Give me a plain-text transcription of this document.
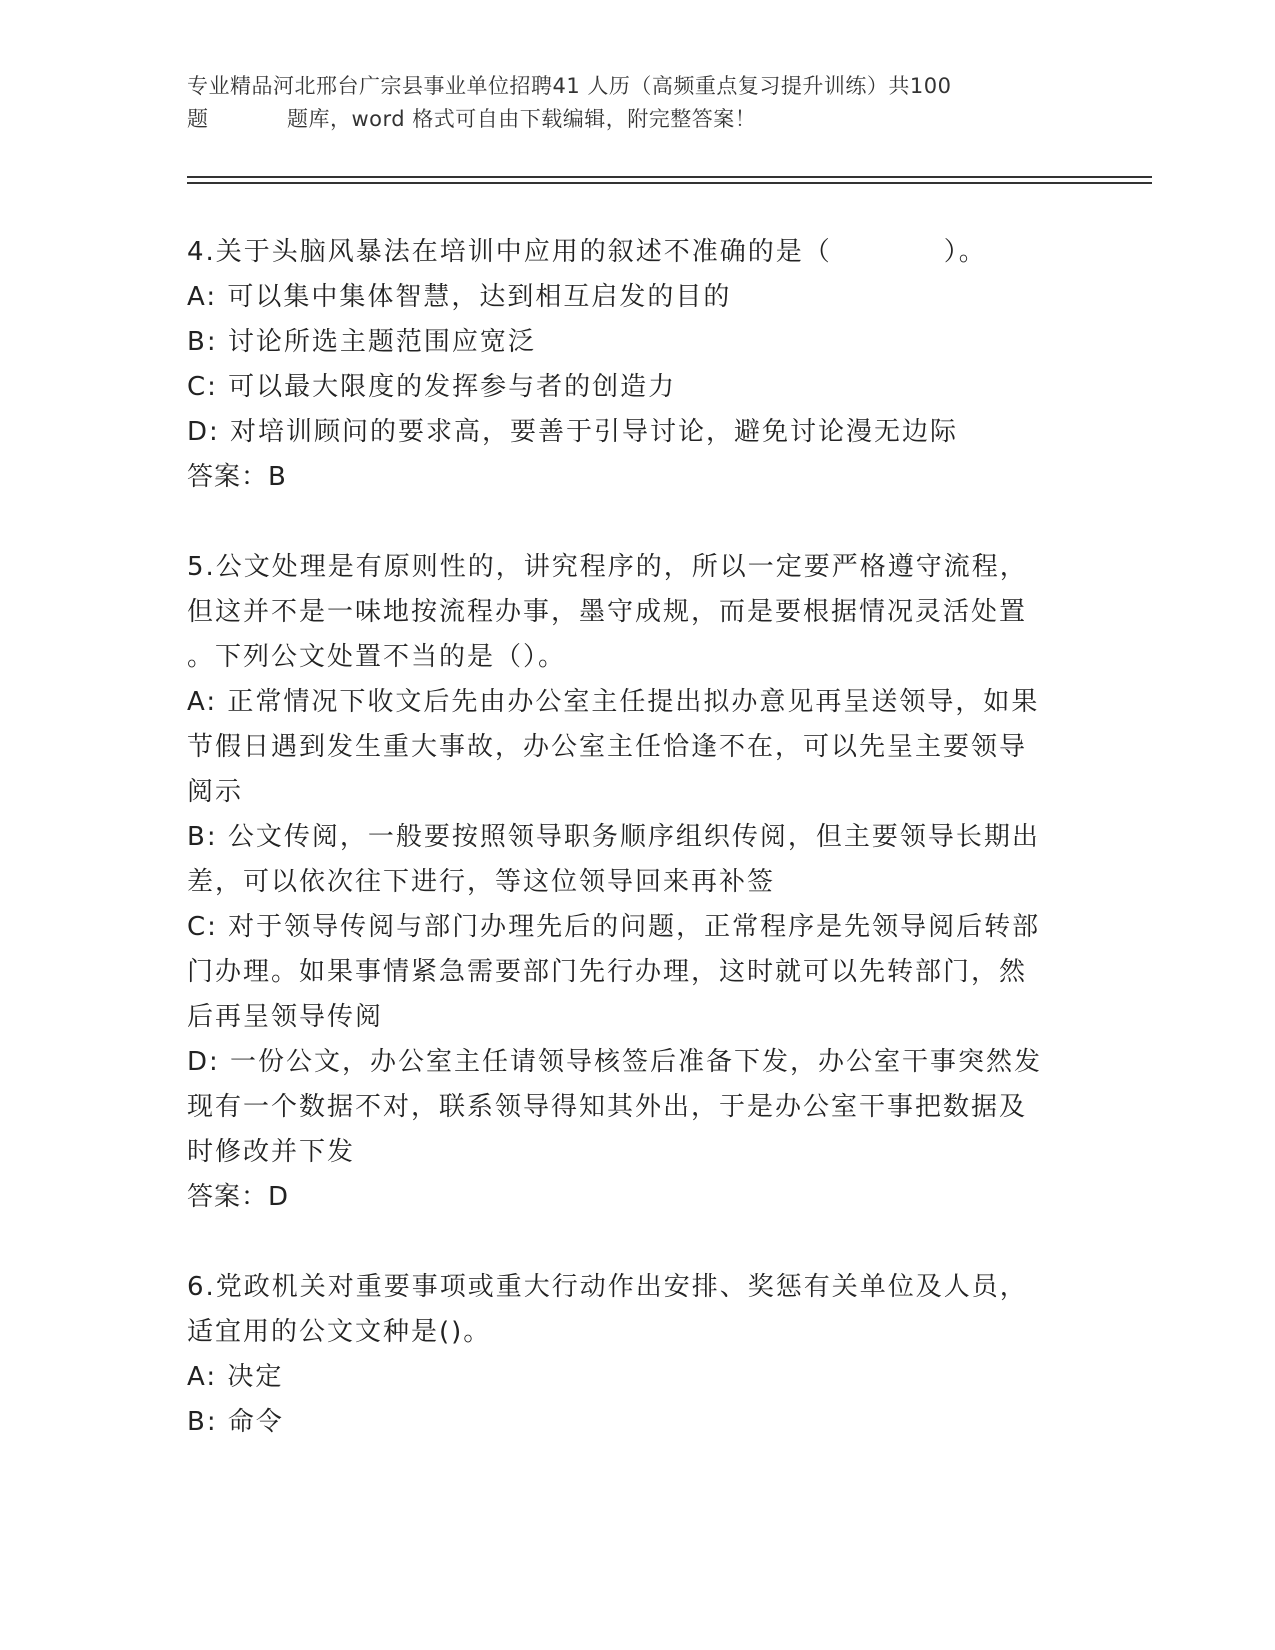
专业精品河北邢台广宗县事业单位招聘41 人历（高频重点复习提升训练）共100
题	题库，word 格式可自由下载编辑，附完整答案！

4.关于头脑风暴法在培训中应用的叙述不准确的是（　　　　）。

A: 可以集中集体智慧，达到相互启发的目的

B: 讨论所选主题范围应宽泛

C: 可以最大限度的发挥参与者的创造力

D: 对培训顾问的要求高，要善于引导讨论，避免讨论漫无边际

答案：B

5.公文处理是有原则性的，讲究程序的，所以一定要严格遵守流程，

但这并不是一味地按流程办事，墨守成规，而是要根据情况灵活处置

。下列公文处置不当的是（）。

A: 正常情况下收文后先由办公室主任提出拟办意见再呈送领导，如果

节假日遇到发生重大事故，办公室主任恰逢不在，可以先呈主要领导

阅示

B: 公文传阅，一般要按照领导职务顺序组织传阅，但主要领导长期出

差，可以依次往下进行，等这位领导回来再补签

C: 对于领导传阅与部门办理先后的问题，正常程序是先领导阅后转部

门办理。如果事情紧急需要部门先行办理，这时就可以先转部门，然

后再呈领导传阅

D: 一份公文，办公室主任请领导核签后准备下发，办公室干事突然发

现有一个数据不对，联系领导得知其外出，于是办公室干事把数据及

时修改并下发

答案：D

6.党政机关对重要事项或重大行动作出安排、奖惩有关单位及人员，

适宜用的公文文种是()。

A: 决定

B: 命令
